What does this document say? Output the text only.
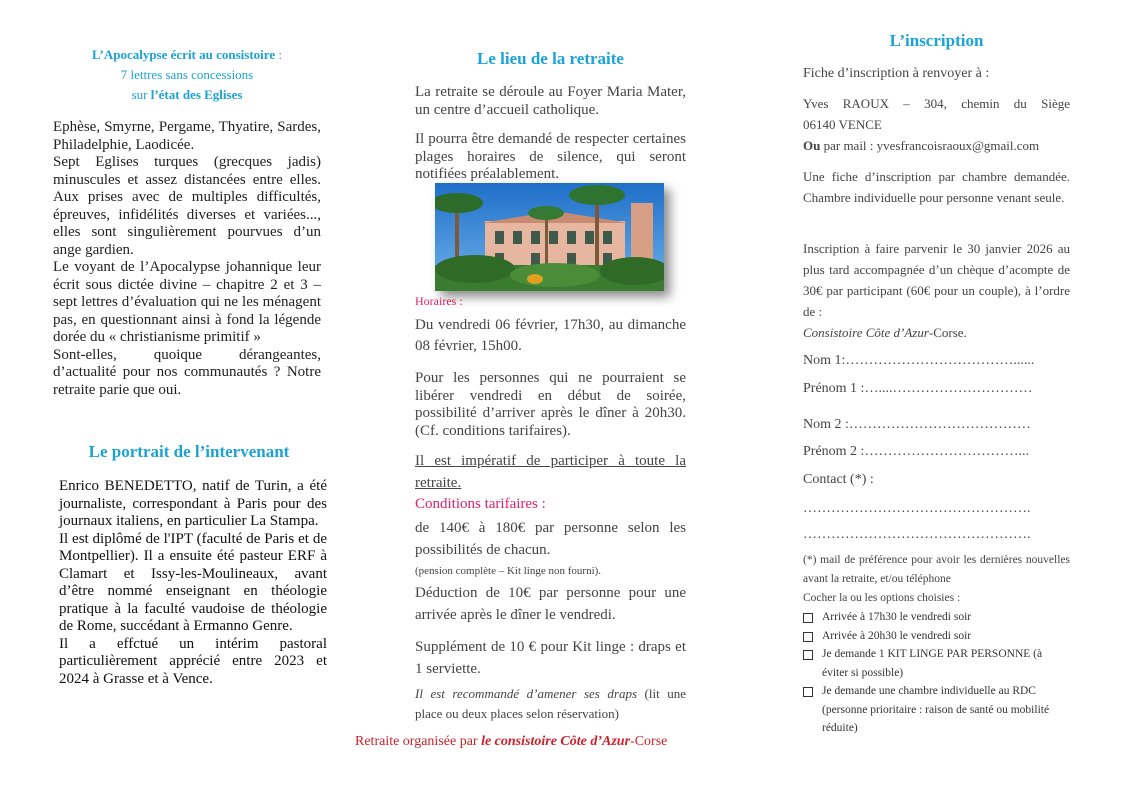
L’Apocalypse écrit au consistoire :
7 lettres sans concessions
sur l’état des Eglises

Ephèse, Smyrne, Pergame, Thyatire, Sardes, Philadelphie, Laodicée.

Sept Eglises turques (grecques jadis) minuscules et assez distancées entre elles. Aux prises avec de multiples difficultés, épreuves, infidélités diverses et variées..., elles sont singulièrement pourvues d’un ange gardien.

Le voyant de l’Apocalypse johannique leur écrit sous dictée divine – chapitre 2 et 3 – sept lettres d’évaluation qui ne les ménagent pas, en questionnant ainsi à fond la légende dorée du « christianisme primitif »

Sont-elles, quoique dérangeantes, d’actualité pour nos communautés ? Notre retraite parie que oui.

Le portrait de l’intervenant

Enrico BENEDETTO, natif de Turin, a été journaliste, correspondant à Paris pour des journaux italiens, en particulier La Stampa.

Il est diplômé de l'IPT (faculté de Paris et de Montpellier). Il a ensuite été pasteur ERF à Clamart et Issy-les-Moulineaux, avant d’être nommé enseignant en théologie pratique à la faculté vaudoise de théologie de Rome, succédant à Ermanno Genre.

Il a effctué un intérim pastoral particulièrement apprécié entre 2023 et 2024 à Grasse et à Vence.

Le lieu de la retraite

La retraite se déroule au Foyer Maria Mater, un centre d’accueil catholique.

Il pourra être demandé de respecter certaines plages horaires de silence, qui seront notifiées préalablement.

Horaires :

Du vendredi 06 février, 17h30, au dimanche 08 février, 15h00.

Pour les personnes qui ne pourraient se libérer vendredi en début de soirée, possibilité d’arriver après le dîner à 20h30. (Cf. conditions tarifaires).

Il est impératif de participer à toute la retraite.

Conditions tarifaires :

de 140€ à 180€ par personne selon les possibilités de chacun.

(pension complète – Kit linge non fourni).

Déduction de 10€ par personne pour une arrivée après le dîner le vendredi.

Supplément de 10 € pour Kit linge : draps et 1 serviette.

Il est recommandé d’amener ses draps (lit une place ou deux places selon réservation)

L’inscription

Fiche d’inscription à renvoyer à :

Yves RAOUX – 304, chemin du Siège

06140 VENCE

Ou par mail : yvesfrancoisraoux@gmail.com

Une fiche d’inscription par chambre demandée. Chambre individuelle pour personne venant seule.

Inscription à faire parvenir le 30 janvier 2026 au plus tard accompagnée d’un chèque d’acompte de 30€ par participant (60€ pour un couple), à l’ordre de :
Consistoire Côte d’Azur-Corse.

Nom 1:………………………………......

Prénom 1 :…....…………………………

Nom 2 :…………………………………

Prénom 2 :……………………………...

Contact (*) :

………………………………………….

………………………………………….

(*) mail de préférence pour avoir les dernières nouvelles avant la retraite, et/ou téléphone

Cocher la ou les options choisies :

Arrivée à 17h30 le vendredi soir
Arrivée à 20h30 le vendredi soir
Je demande 1 KIT LINGE PAR PERSONNE (à éviter si possible)
Je demande une chambre individuelle au RDC (personne prioritaire : raison de santé ou mobilité réduite)
Retraite organisée par le consistoire Côte d’Azur-Corse
